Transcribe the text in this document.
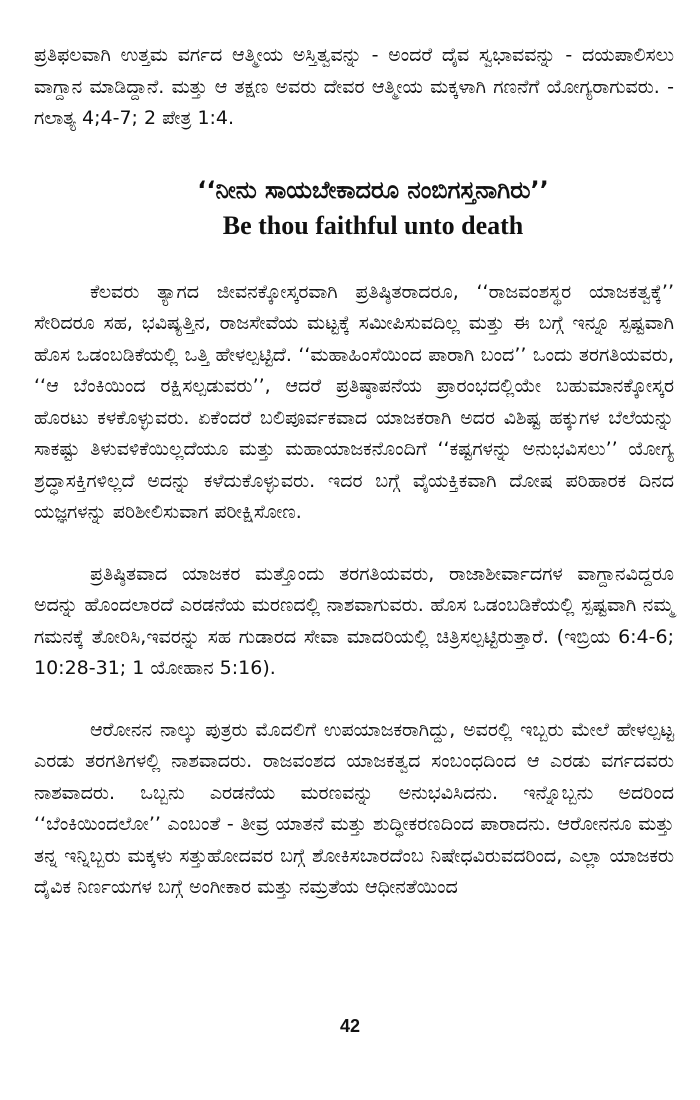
ಪ್ರತಿಫಲವಾಗಿ ಉತ್ತಮ ವರ್ಗದ ಆತ್ಮೀಯ ಅಸ್ತಿತ್ವವನ್ನು - ಅಂದರೆ ದೈವ ಸ್ವಭಾವವನ್ನು - ದಯಪಾಲಿಸಲು ವಾಗ್ದಾನ ಮಾಡಿದ್ದಾನೆ. ಮತ್ತು ಆ ತಕ್ಷಣ ಅವರು ದೇವರ ಆತ್ಮೀಯ ಮಕ್ಕಳಾಗಿ ಗಣನೆಗೆ ಯೋಗ್ಯರಾಗುವರು. - ಗಲಾತ್ಯ 4;4-7; 2 ಪೇತ್ರ 1:4.

‘‘ನೀನು ಸಾಯಬೇಕಾದರೂ ನಂಬಿಗಸ್ತನಾಗಿರು’’
Be thou faithful unto death

ಕೆಲವರು ತ್ಯಾಗದ ಜೀವನಕ್ಕೋಸ್ಕರವಾಗಿ ಪ್ರತಿಷ್ಠಿತರಾದರೂ, ‘‘ರಾಜವಂಶಸ್ಥರ ಯಾಜಕತ್ವಕ್ಕೆ’’ ಸೇರಿದರೂ ಸಹ, ಭವಿಷ್ಯತ್ತಿನ, ರಾಜಸೇವೆಯ ಮಟ್ಟಕ್ಕೆ ಸಮೀಪಿಸುವದಿಲ್ಲ ಮತ್ತು ಈ ಬಗ್ಗೆ ಇನ್ನೂ ಸ್ಪಷ್ಟವಾಗಿ ಹೊಸ ಒಡಂಬಡಿಕೆಯಲ್ಲಿ ಒತ್ತಿ ಹೇಳಲ್ಪಟ್ಟಿದೆ. ‘‘ಮಹಾಹಿಂಸೆಯಿಂದ ಪಾರಾಗಿ ಬಂದ’’ ಒಂದು ತರಗತಿಯವರು, ‘‘ಆ ಬೆಂಕಿಯಿಂದ ರಕ್ಷಿಸಲ್ಪಡುವರು’’, ಆದರೆ ಪ್ರತಿಷ್ಠಾಪನೆಯ ಪ್ರಾರಂಭದಲ್ಲಿಯೇ ಬಹುಮಾನಕ್ಕೋಸ್ಕರ ಹೊರಟು ಕಳಕೊಳ್ಳುವರು. ಏಕೆಂದರೆ ಬಲಿಪೂರ್ವಕವಾದ ಯಾಜಕರಾಗಿ ಅದರ ವಿಶಿಷ್ಟ ಹಕ್ಕುಗಳ ಬೆಲೆಯನ್ನು ಸಾಕಷ್ಟು ತಿಳುವಳಿಕೆಯಿಲ್ಲದೆಯೂ ಮತ್ತು ಮಹಾಯಾಜಕನೊಂದಿಗೆ ‘‘ಕಷ್ಟಗಳನ್ನು ಅನುಭವಿಸಲು’’ ಯೋಗ್ಯ ಶ್ರದ್ಧಾಸಕ್ತಿಗಳಿಲ್ಲದೆ ಅದನ್ನು ಕಳೆದುಕೊಳ್ಳುವರು. ಇದರ ಬಗ್ಗೆ ವೈಯಕ್ತಿಕವಾಗಿ ದೋಷ ಪರಿಹಾರಕ ದಿನದ ಯಜ್ಞಗಳನ್ನು ಪರಿಶೀಲಿಸುವಾಗ ಪರೀಕ್ಷಿಸೋಣ.

ಪ್ರತಿಷ್ಠಿತವಾದ ಯಾಜಕರ ಮತ್ತೊಂದು ತರಗತಿಯವರು, ರಾಜಾಶೀರ್ವಾದಗಳ ವಾಗ್ದಾನವಿದ್ದರೂ ಅದನ್ನು ಹೊಂದಲಾರದೆ ಎರಡನೆಯ ಮರಣದಲ್ಲಿ ನಾಶವಾಗುವರು. ಹೊಸ ಒಡಂಬಡಿಕೆಯಲ್ಲಿ ಸ್ಪಷ್ಟವಾಗಿ ನಮ್ಮ ಗಮನಕ್ಕೆ ತೋರಿಸಿ,ಇವರನ್ನು ಸಹ ಗುಡಾರದ ಸೇವಾ ಮಾದರಿಯಲ್ಲಿ ಚಿತ್ರಿಸಲ್ಪಟ್ಟಿರುತ್ತಾರೆ. (ಇಬ್ರಿಯ 6:4-6; 10:28-31; 1 ಯೋಹಾನ 5:16).

ಆರೋನನ ನಾಲ್ಕು ಪುತ್ರರು ಮೊದಲಿಗೆ ಉಪಯಾಜಕರಾಗಿದ್ದು, ಅವರಲ್ಲಿ ಇಬ್ಬರು ಮೇಲೆ ಹೇಳಲ್ಪಟ್ಟ ಎರಡು ತರಗತಿಗಳಲ್ಲಿ ನಾಶವಾದರು. ರಾಜವಂಶದ ಯಾಜಕತ್ವದ ಸಂಬಂಧದಿಂದ ಆ ಎರಡು ವರ್ಗದವರು ನಾಶವಾದರು. ಒಬ್ಬನು ಎರಡನೆಯ ಮರಣವನ್ನು ಅನುಭವಿಸಿದನು. ಇನ್ನೊಬ್ಬನು ಅದರಿಂದ ‘‘ಬೆಂಕಿಯಿಂದಲೋ’’ ಎಂಬಂತೆ - ತೀವ್ರ ಯಾತನೆ ಮತ್ತು ಶುದ್ಧೀಕರಣದಿಂದ ಪಾರಾದನು. ಆರೋನನೂ ಮತ್ತು ತನ್ನ ಇನ್ನಿಬ್ಬರು ಮಕ್ಕಳು ಸತ್ತುಹೋದವರ ಬಗ್ಗೆ ಶೋಕಿಸಬಾರದೆಂಬ ನಿಷೇಧವಿರುವದರಿಂದ, ಎಲ್ಲಾ ಯಾಜಕರು ದೈವಿಕ ನಿರ್ಣಯಗಳ ಬಗ್ಗೆ ಅಂಗೀಕಾರ ಮತ್ತು ನಮ್ರತೆಯ ಆಧೀನತೆಯಿಂದ

42
